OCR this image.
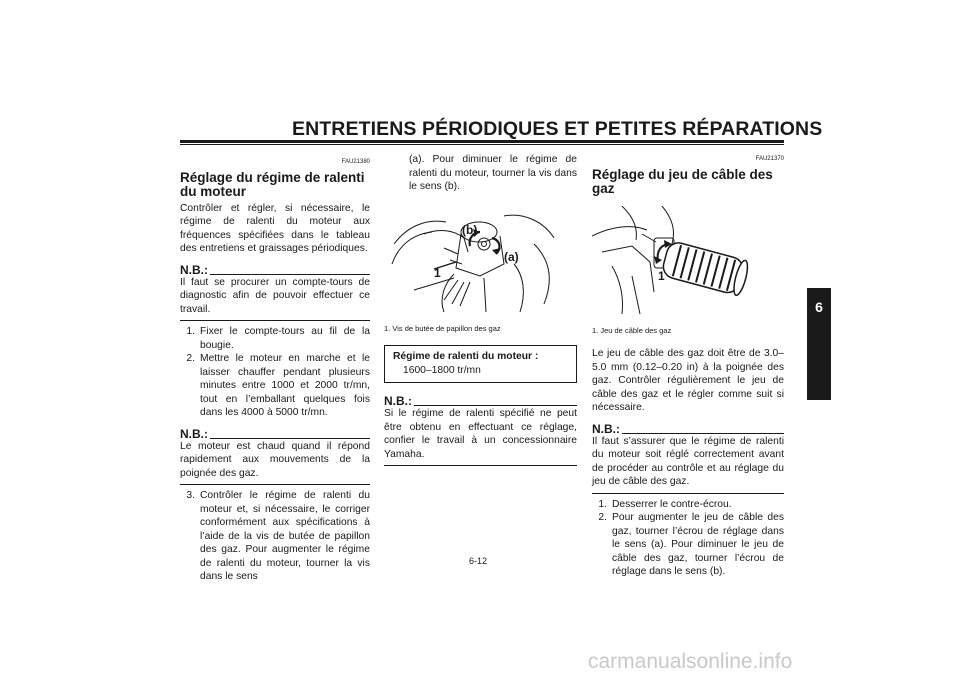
ENTRETIENS PÉRIODIQUES ET PETITES RÉPARATIONS
6
FAU21380
Réglage du régime de ralenti du moteur
Contrôler et régler, si nécessaire, le régime de ralenti du moteur aux fréquences spécifiées dans le tableau des entretiens et graissages périodiques.
N.B.:
Il faut se procurer un compte-tours de diagnostic afin de pouvoir effectuer ce travail.
1. Fixer le compte-tours au fil de la bougie.
2. Mettre le moteur en marche et le laisser chauffer pendant plusieurs minutes entre 1000 et 2000 tr/mn, tout en l’emballant quelques fois dans les 4000 à 5000 tr/mn.
N.B.:
Le moteur est chaud quand il répond rapidement aux mouvements de la poignée des gaz.
3. Contrôler le régime de ralenti du moteur et, si nécessaire, le corriger conformément aux spécifications à l’aide de la vis de butée de papillon des gaz. Pour augmenter le régime de ralenti du moteur, tourner la vis dans le sens
(a). Pour diminuer le régime de ralenti du moteur, tourner la vis dans le sens (b).
(b)
(a)
1
1. Vis de butée de papillon des gaz
Régime de ralenti du moteur :
1600–1800 tr/mn
N.B.:
Si le régime de ralenti spécifié ne peut être obtenu en effectuant ce réglage, confier le travail à un concessionnaire Yamaha.
FAU21370
Réglage du jeu de câble des gaz
1
1. Jeu de câble des gaz
Le jeu de câble des gaz doit être de 3.0–5.0 mm (0.12–0.20 in) à la poignée des gaz. Contrôler régulièrement le jeu de câble des gaz et le régler comme suit si nécessaire.
N.B.:
Il faut s’assurer que le régime de ralenti du moteur soit réglé correctement avant de procéder au contrôle et au réglage du jeu de câble des gaz.
1. Desserrer le contre-écrou.
2. Pour augmenter le jeu de câble des gaz, tourner l’écrou de réglage dans le sens (a). Pour diminuer le jeu de câble des gaz, tourner l’écrou de réglage dans le sens (b).
6-12
carmanualsonline.info
